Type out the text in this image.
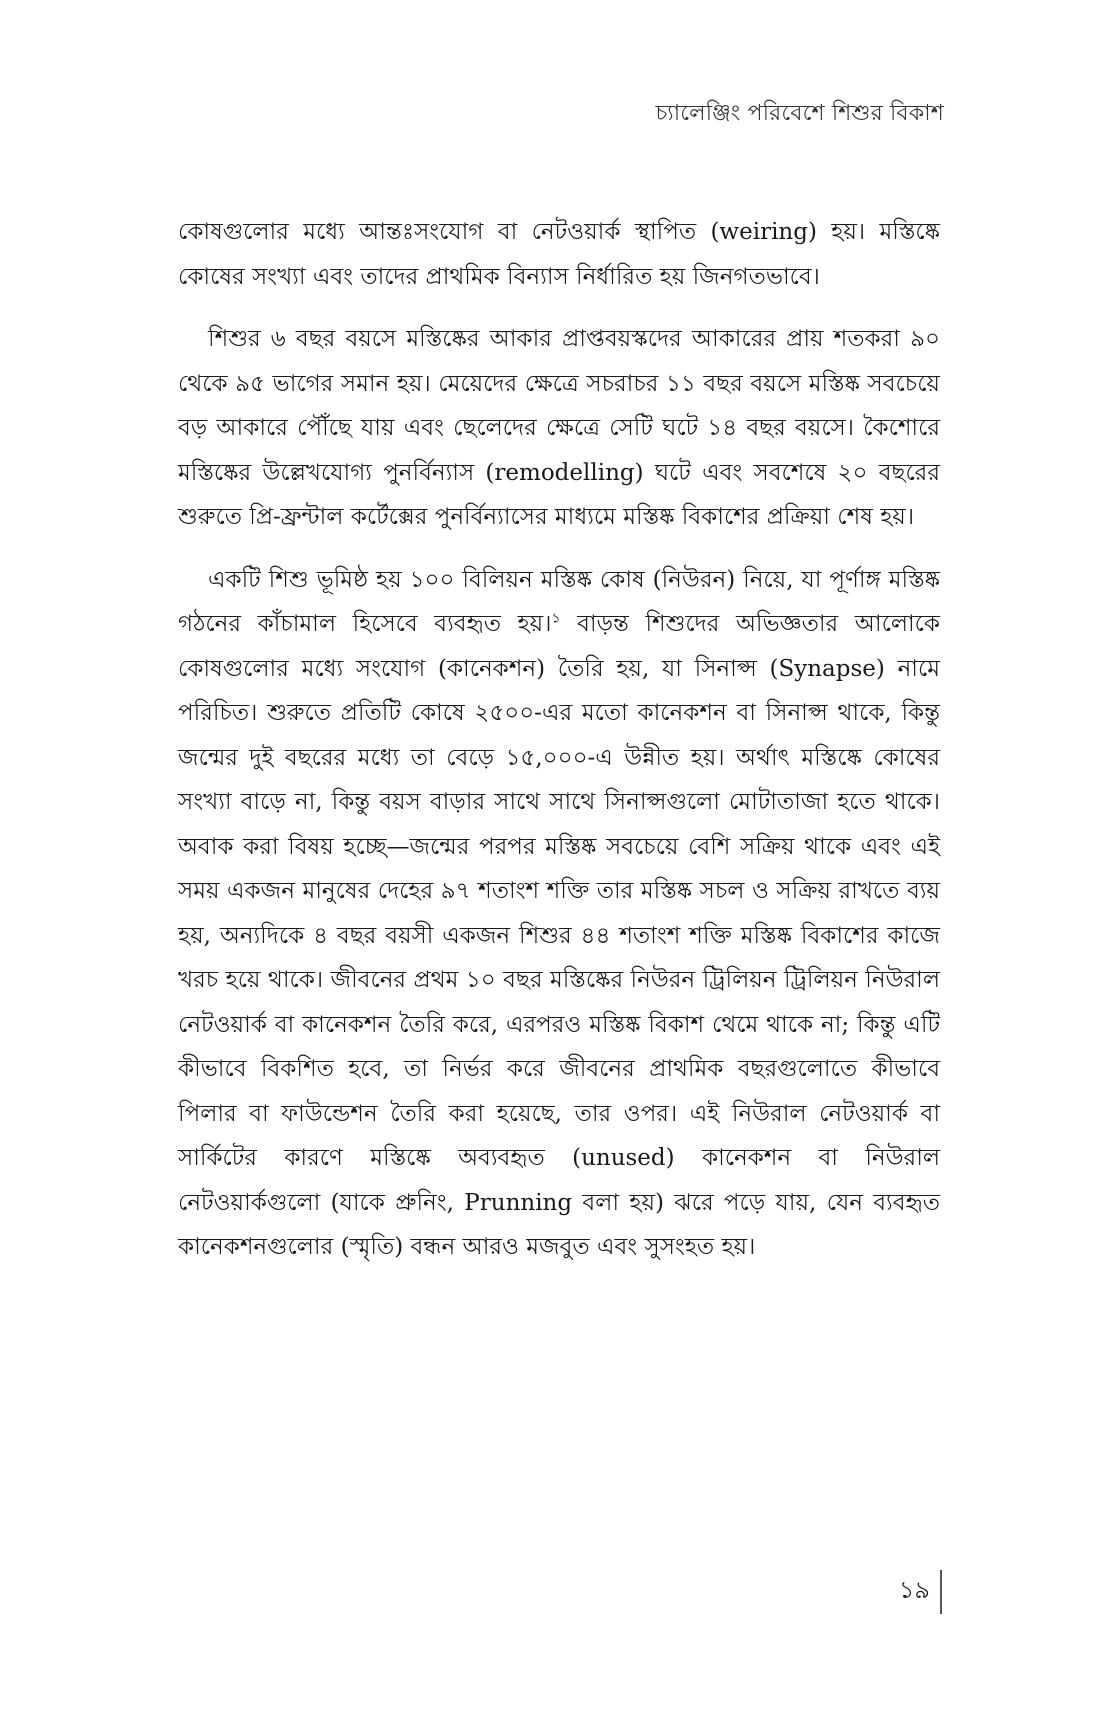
চ্যালেঞ্জিং পরিবেশে শিশুর বিকাশ

কোষগুলোর মধ্যে আন্তঃসংযোগ বা নেটওয়ার্ক স্থাপিত (weiring) হয়। মস্তিষ্কে কোষের সংখ্যা এবং তাদের প্রাথমিক বিন্যাস নির্ধারিত হয় জিনগতভাবে।

শিশুর ৬ বছর বয়সে মস্তিষ্কের আকার প্রাপ্তবয়স্কদের আকারের প্রায় শতকরা ৯০ থেকে ৯৫ ভাগের সমান হয়। মেয়েদের ক্ষেত্রে সচরাচর ১১ বছর বয়সে মস্তিষ্ক সবচেয়ে বড় আকারে পৌঁছে যায় এবং ছেলেদের ক্ষেত্রে সেটি ঘটে ১৪ বছর বয়সে। কৈশোরে মস্তিষ্কের উল্লেখযোগ্য পুনর্বিন্যাস (remodelling) ঘটে এবং সবশেষে ২০ বছরের শুরুতে প্রি-ফ্রন্টাল কর্টেক্সের পুনর্বিন্যাসের মাধ্যমে মস্তিষ্ক বিকাশের প্রক্রিয়া শেষ হয়।

একটি শিশু ভূমিষ্ঠ হয় ১০০ বিলিয়ন মস্তিষ্ক কোষ (নিউরন) নিয়ে, যা পূর্ণাঙ্গ মস্তিষ্ক গঠনের কাঁচামাল হিসেবে ব্যবহৃত হয়।$^১$ বাড়ন্ত শিশুদের অভিজ্ঞতার আলোকে কোষগুলোর মধ্যে সংযোগ (কানেকশন) তৈরি হয়, যা সিনাপ্স (Synapse) নামে পরিচিত। শুরুতে প্রতিটি কোষে ২৫০০-এর মতো কানেকশন বা সিনাপ্স থাকে, কিন্তু জন্মের দুই বছরের মধ্যে তা বেড়ে ১৫,০০০-এ উন্নীত হয়। অর্থাৎ মস্তিষ্কে কোষের সংখ্যা বাড়ে না, কিন্তু বয়স বাড়ার সাথে সাথে সিনাপ্সগুলো মোটাতাজা হতে থাকে। অবাক করা বিষয় হচ্ছে—জন্মের পরপর মস্তিষ্ক সবচেয়ে বেশি সক্রিয় থাকে এবং এই সময় একজন মানুষের দেহের ৯৭ শতাংশ শক্তি তার মস্তিষ্ক সচল ও সক্রিয় রাখতে ব্যয় হয়, অন্যদিকে ৪ বছর বয়সী একজন শিশুর ৪৪ শতাংশ শক্তি মস্তিষ্ক বিকাশের কাজে খরচ হয়ে থাকে। জীবনের প্রথম ১০ বছর মস্তিষ্কের নিউরন ট্রিলিয়ন ট্রিলিয়ন নিউরাল নেটওয়ার্ক বা কানেকশন তৈরি করে, এরপরও মস্তিষ্ক বিকাশ থেমে থাকে না; কিন্তু এটি কীভাবে বিকশিত হবে, তা নির্ভর করে জীবনের প্রাথমিক বছরগুলোতে কীভাবে পিলার বা ফাউন্ডেশন তৈরি করা হয়েছে, তার ওপর। এই নিউরাল নেটওয়ার্ক বা সার্কিটের কারণে মস্তিষ্কে অব্যবহৃত (unused) কানেকশন বা নিউরাল নেটওয়ার্কগুলো (যাকে প্রুনিং, Prunning বলা হয়) ঝরে পড়ে যায়, যেন ব্যবহৃত কানেকশনগুলোর (স্মৃতি) বন্ধন আরও মজবুত এবং সুসংহত হয়।

১৯
